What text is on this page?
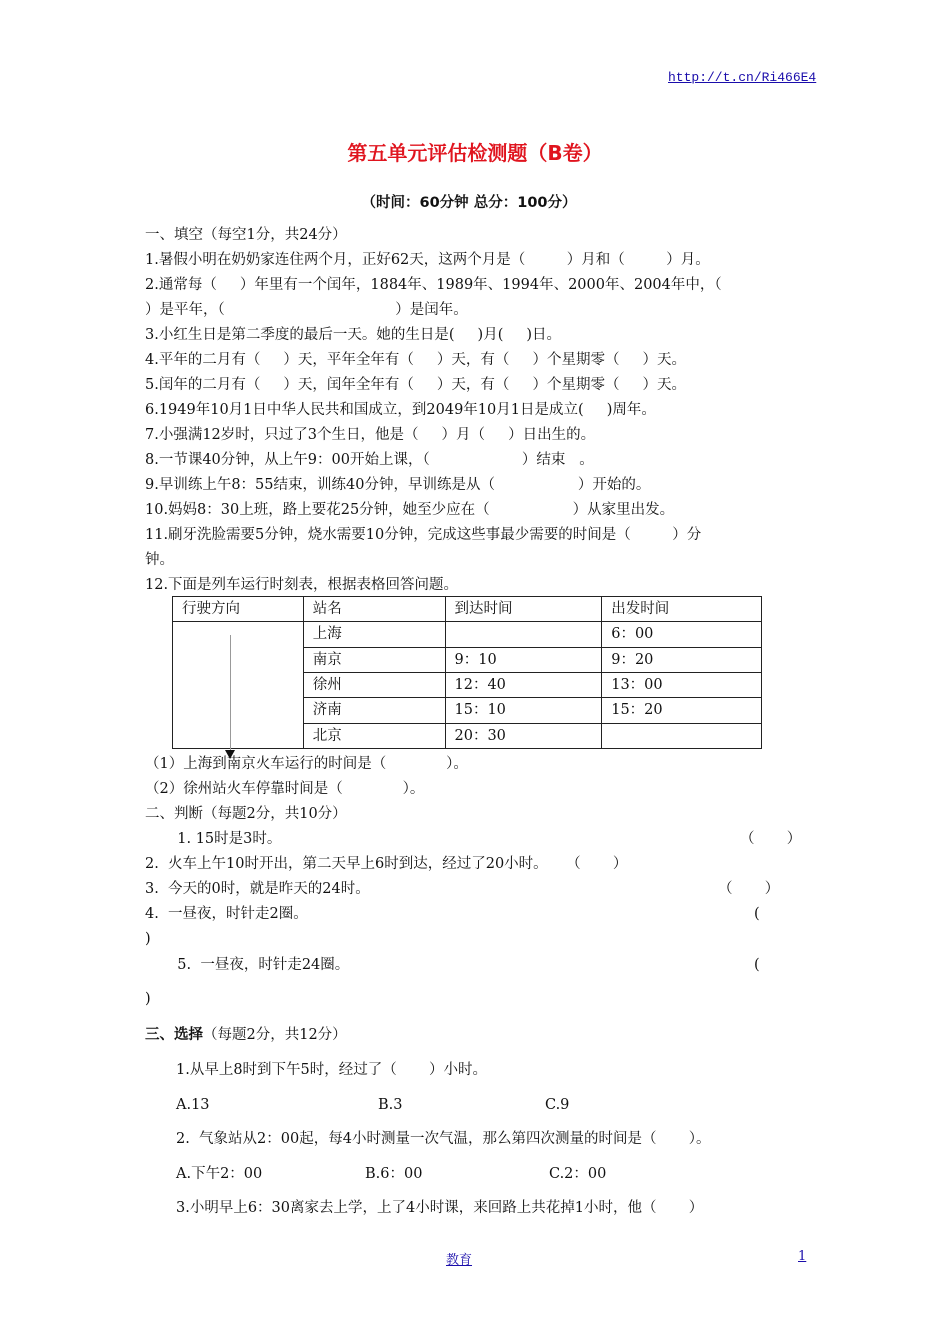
http://t.cn/Ri466E4
第五单元评估检测题（B卷）
（时间：60分钟 总分：100分）
一、填空（每空1分，共24分）
1.暑假小明在奶奶家连住两个月，正好62天，这两个月是（         ）月和（         ）月。
2.通常每（     ）年里有一个闰年，1884年、1989年、1994年、2000年、2004年中，（
）是平年，（                                     ）是闰年。
3.小红生日是第二季度的最后一天。她的生日是(     )月(     )日。
4.平年的二月有（     ）天，平年全年有（     ）天，有（     ）个星期零（     ）天。
5.闰年的二月有（     ）天，闰年全年有（     ）天，有（     ）个星期零（     ）天。
6.1949年10月1日中华人民共和国成立，到2049年10月1日是成立(     )周年。
7.小强满12岁时，只过了3个生日，他是（     ）月（     ）日出生的。
8.一节课40分钟，从上午9：00开始上课，（                    ）结束   。
9.早训练上午8：55结束，训练40分钟，早训练是从（                  ）开始的。
10.妈妈8：30上班，路上要花25分钟，她至少应在（                  ）从家里出发。
11.刷牙洗脸需要5分钟，烧水需要10分钟，完成这些事最少需要的时间是（         ）分
钟。
12.下面是列车运行时刻表，根据表格回答问题。
行驶方向	站名	到达时间	出发时间
	上海		6：00
	南京	9：10	9：20
	徐州	12：40	13：00
	济南	15：10	15：20
	北京	20：30	
（1）上海到南京火车运行的时间是（             ）。
（2）徐州站火车停靠时间是（             ）。
二、判断（每题2分，共10分）
1. 15时是3时。	（       ）
2.  火车上午10时开出，第二天早上6时到达，经过了20小时。    （       ）
3.  今天的0时，就是昨天的24时。	（       ）
4.  一昼夜，时针走2圈。	(
)
5.  一昼夜，时针走24圈。	(
)
三、选择（每题2分，共12分）
1.从早上8时到下午5时，经过了（       ）小时。
A.13	B.3	C.9
2.  气象站从2：00起，每4小时测量一次气温，那么第四次测量的时间是（       ）。
A.下午2：00	B.6：00	C.2：00
3.小明早上6：30离家去上学，上了4小时课，来回路上共花掉1小时，他（       ）
教育	1
